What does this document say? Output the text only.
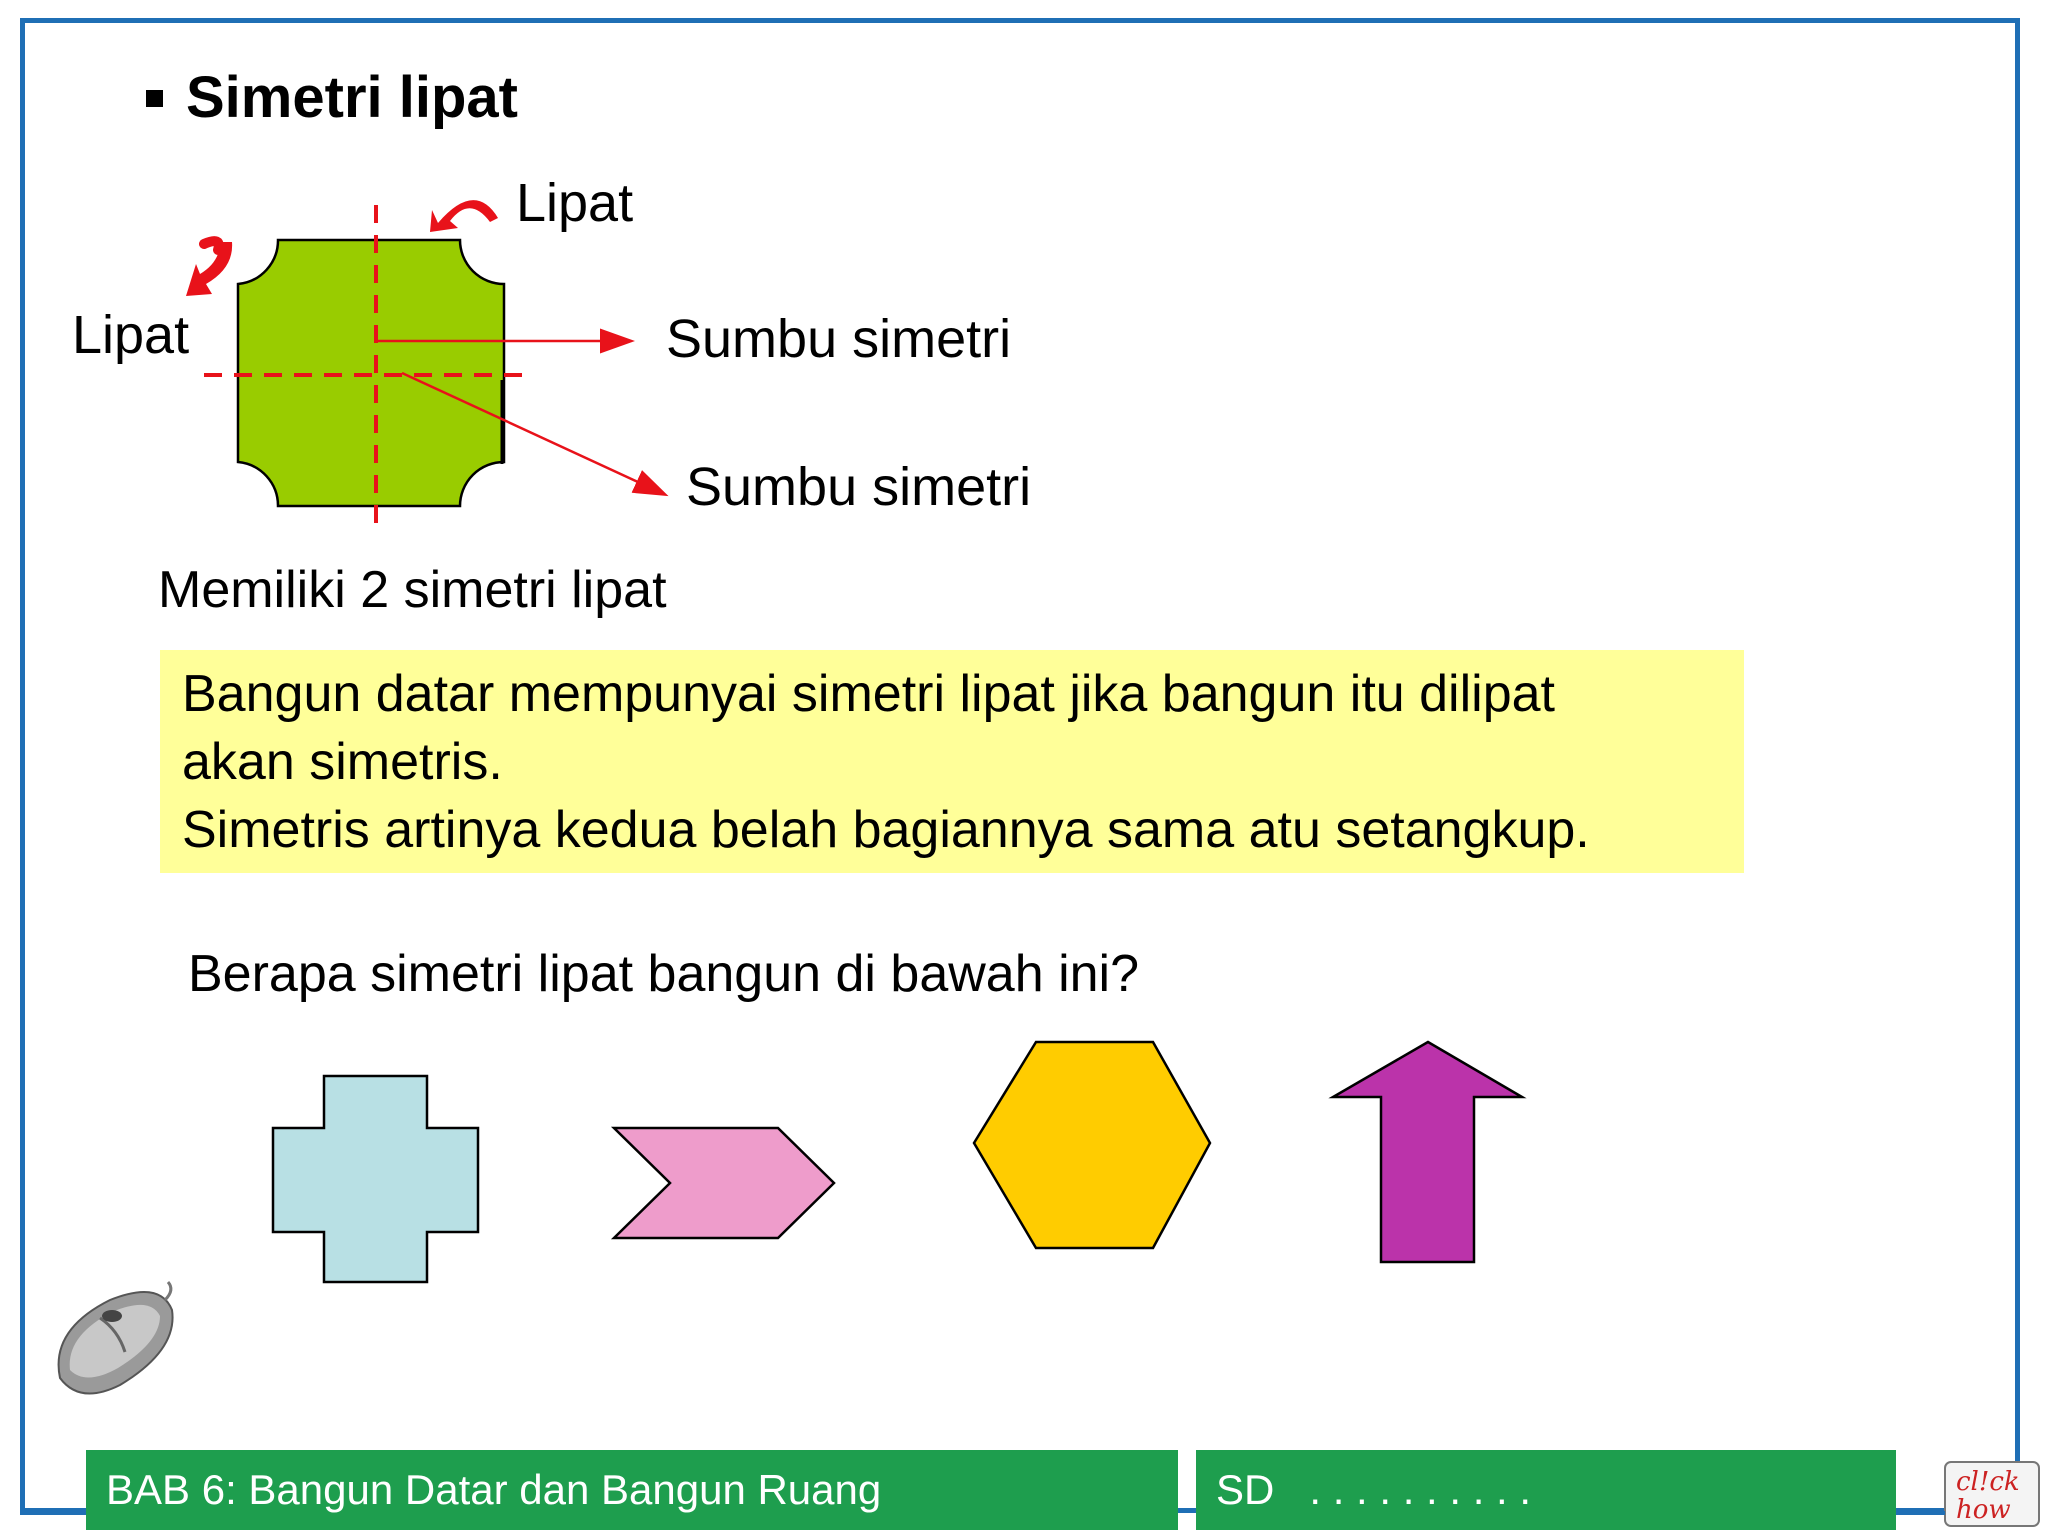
Simetri lipat
cl!ck
how
Lipat
Lipat	Sumbu simetri
Sumbu simetri
Memiliki 2 simetri lipat

Bangun datar mempunyai simetri lipat jika bangun itu dilipat

akan simetris.

Simetris artinya kedua belah bagiannya sama atu setangkup.

Berapa simetri lipat bangun di bawah ini?
BAB 6: Bangun Datar dan Bangun Ruang	SD   . . . . . . . . . .
